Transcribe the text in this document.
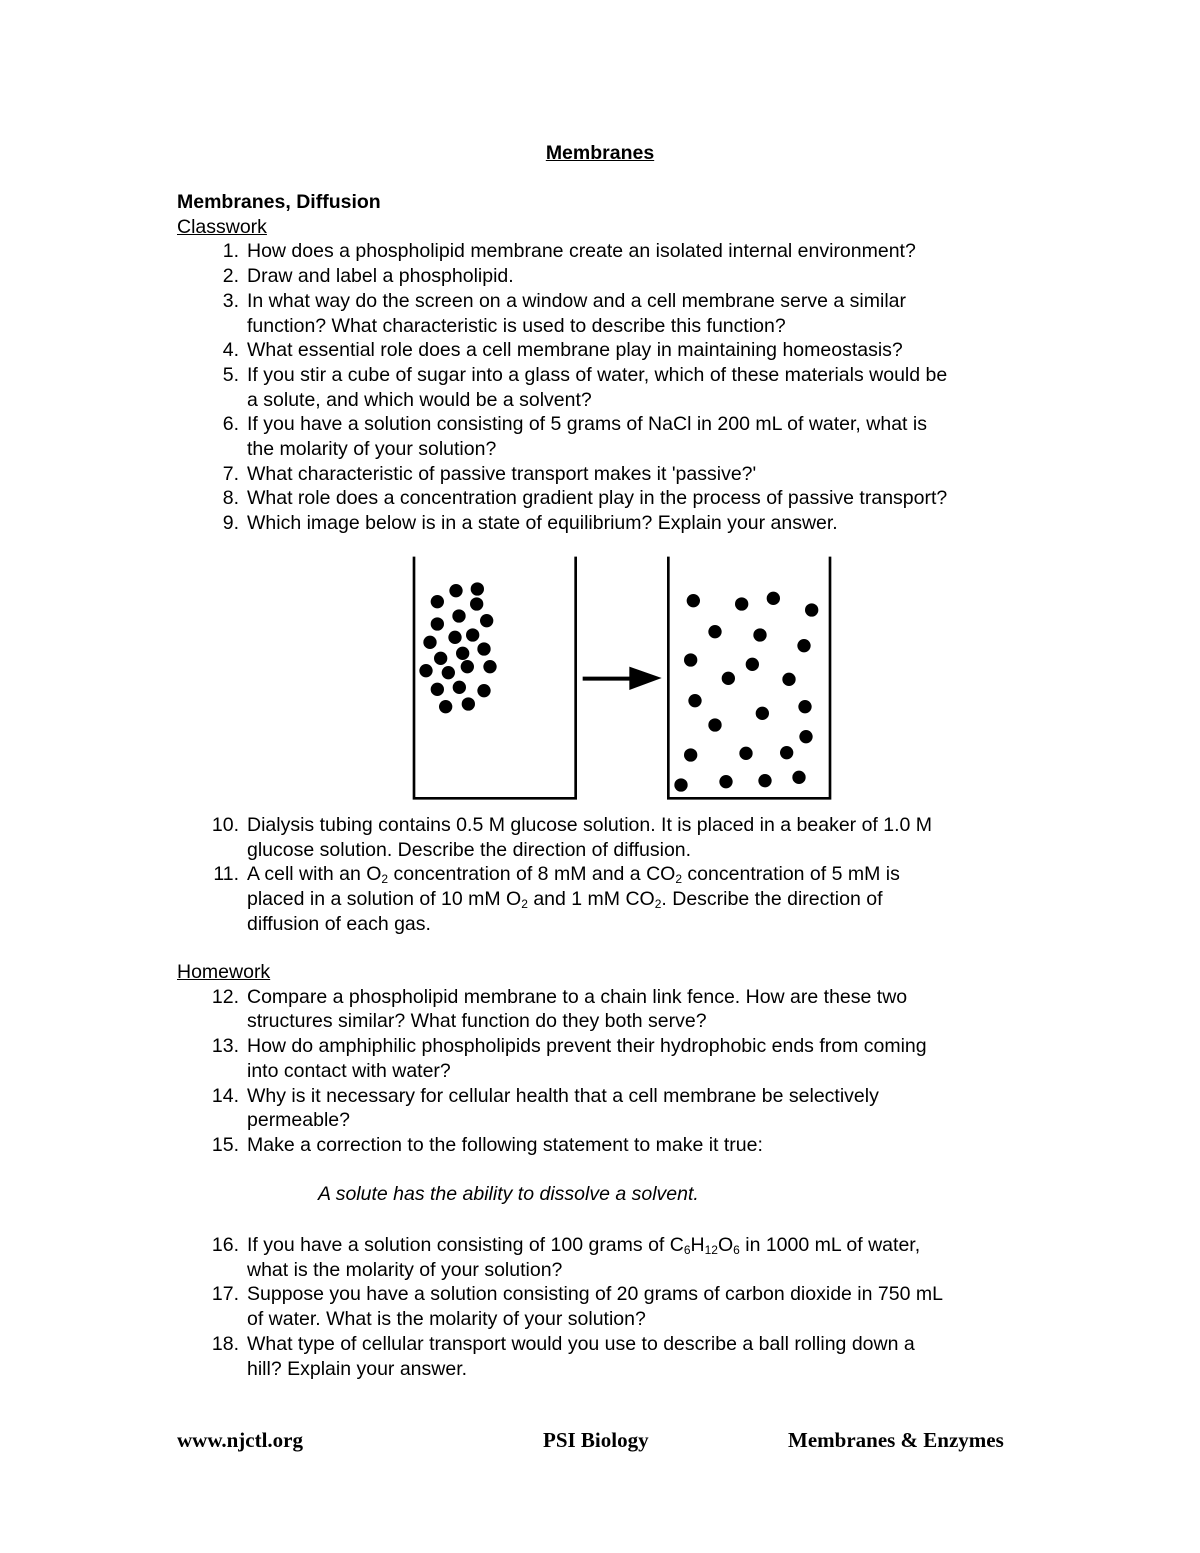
Membranes
Membranes, Diffusion
Classwork
1. How does a phospholipid membrane create an isolated internal environment?
2. Draw and label a phospholipid.
3. In what way do the screen on a window and a cell membrane serve a similar
function? What characteristic is used to describe this function?
4. What essential role does a cell membrane play in maintaining homeostasis?
5. If you stir a cube of sugar into a glass of water, which of these materials would be
a solute, and which would be a solvent?
6. If you have a solution consisting of 5 grams of NaCl in 200 mL of water, what is
the molarity of your solution?
7. What characteristic of passive transport makes it 'passive?'
8. What role does a concentration gradient play in the process of passive transport?
9. Which image below is in a state of equilibrium? Explain your answer.
10. Dialysis tubing contains 0.5 M glucose solution. It is placed in a beaker of 1.0 M
glucose solution. Describe the direction of diffusion.
11. A cell with an $O_2$ concentration of 8 mM and a $CO_2$ concentration of 5 mM is
placed in a solution of 10 mM $O_2$ and 1 mM $CO_2$. Describe the direction of
diffusion of each gas.
Homework
12. Compare a phospholipid membrane to a chain link fence. How are these two
structures similar? What function do they both serve?
13. How do amphiphilic phospholipids prevent their hydrophobic ends from coming
into contact with water?
14. Why is it necessary for cellular health that a cell membrane be selectively
permeable?
15. Make a correction to the following statement to make it true:
A solute has the ability to dissolve a solvent.
16. If you have a solution consisting of 100 grams of $C_6H_{12}O_6$ in 1000 mL of water,
what is the molarity of your solution?
17. Suppose you have a solution consisting of 20 grams of carbon dioxide in 750 mL
of water. What is the molarity of your solution?
18. What type of cellular transport would you use to describe a ball rolling down a
hill? Explain your answer.
www.njctl.org	PSI Biology	Membranes & Enzymes
